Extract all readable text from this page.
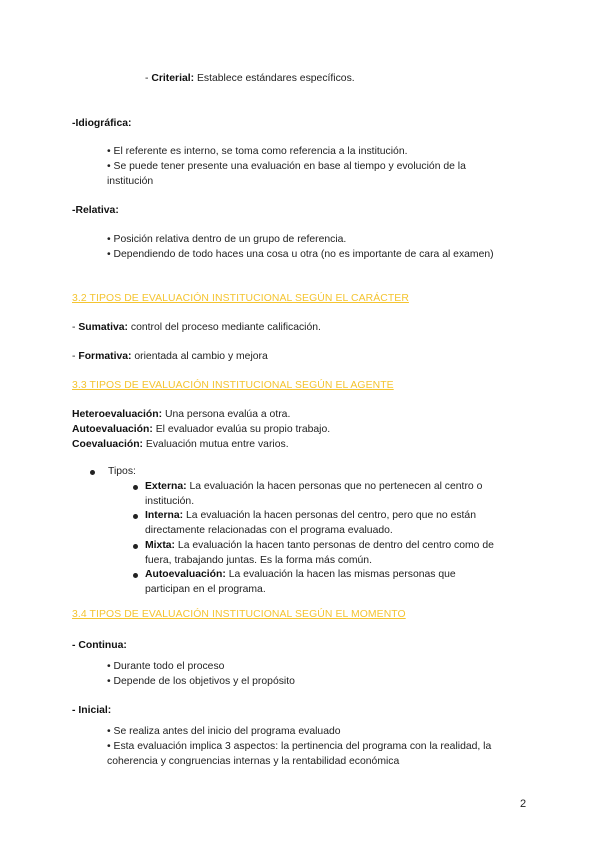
- Criterial: Establece estándares específicos.
-Idiográfica:
• El referente es interno, se toma como referencia a la institución.
• Se puede tener presente una evaluación en base al tiempo y evolución de la
institución
-Relativa:
• Posición relativa dentro de un grupo de referencia.
• Dependiendo de todo haces una cosa u otra (no es importante de cara al examen)
3.2 TIPOS DE EVALUACIÓN INSTITUCIONAL SEGÚN EL CARÁCTER
- Sumativa: control del proceso mediante calificación.
- Formativa: orientada al cambio y mejora
3.3 TIPOS DE EVALUACIÓN INSTITUCIONAL SEGÚN EL AGENTE
Heteroevaluación: Una persona evalúa a otra.
Autoevaluación: El evaluador evalúa su propio trabajo.
Coevaluación: Evaluación mutua entre varios.
Tipos:
Externa: La evaluación la hacen personas que no pertenecen al centro o
institución.
Interna: La evaluación la hacen personas del centro, pero que no están
directamente relacionadas con el programa evaluado.
Mixta: La evaluación la hacen tanto personas de dentro del centro como de
fuera, trabajando juntas. Es la forma más común.
Autoevaluación: La evaluación la hacen las mismas personas que
participan en el programa.
3.4 TIPOS DE EVALUACIÓN INSTITUCIONAL SEGÚN EL MOMENTO
- Continua:
• Durante todo el proceso
• Depende de los objetivos y el propósito
- Inicial:
• Se realiza antes del inicio del programa evaluado
• Esta evaluación implica 3 aspectos: la pertinencia del programa con la realidad, la
coherencia y congruencias internas y la rentabilidad económica
2
